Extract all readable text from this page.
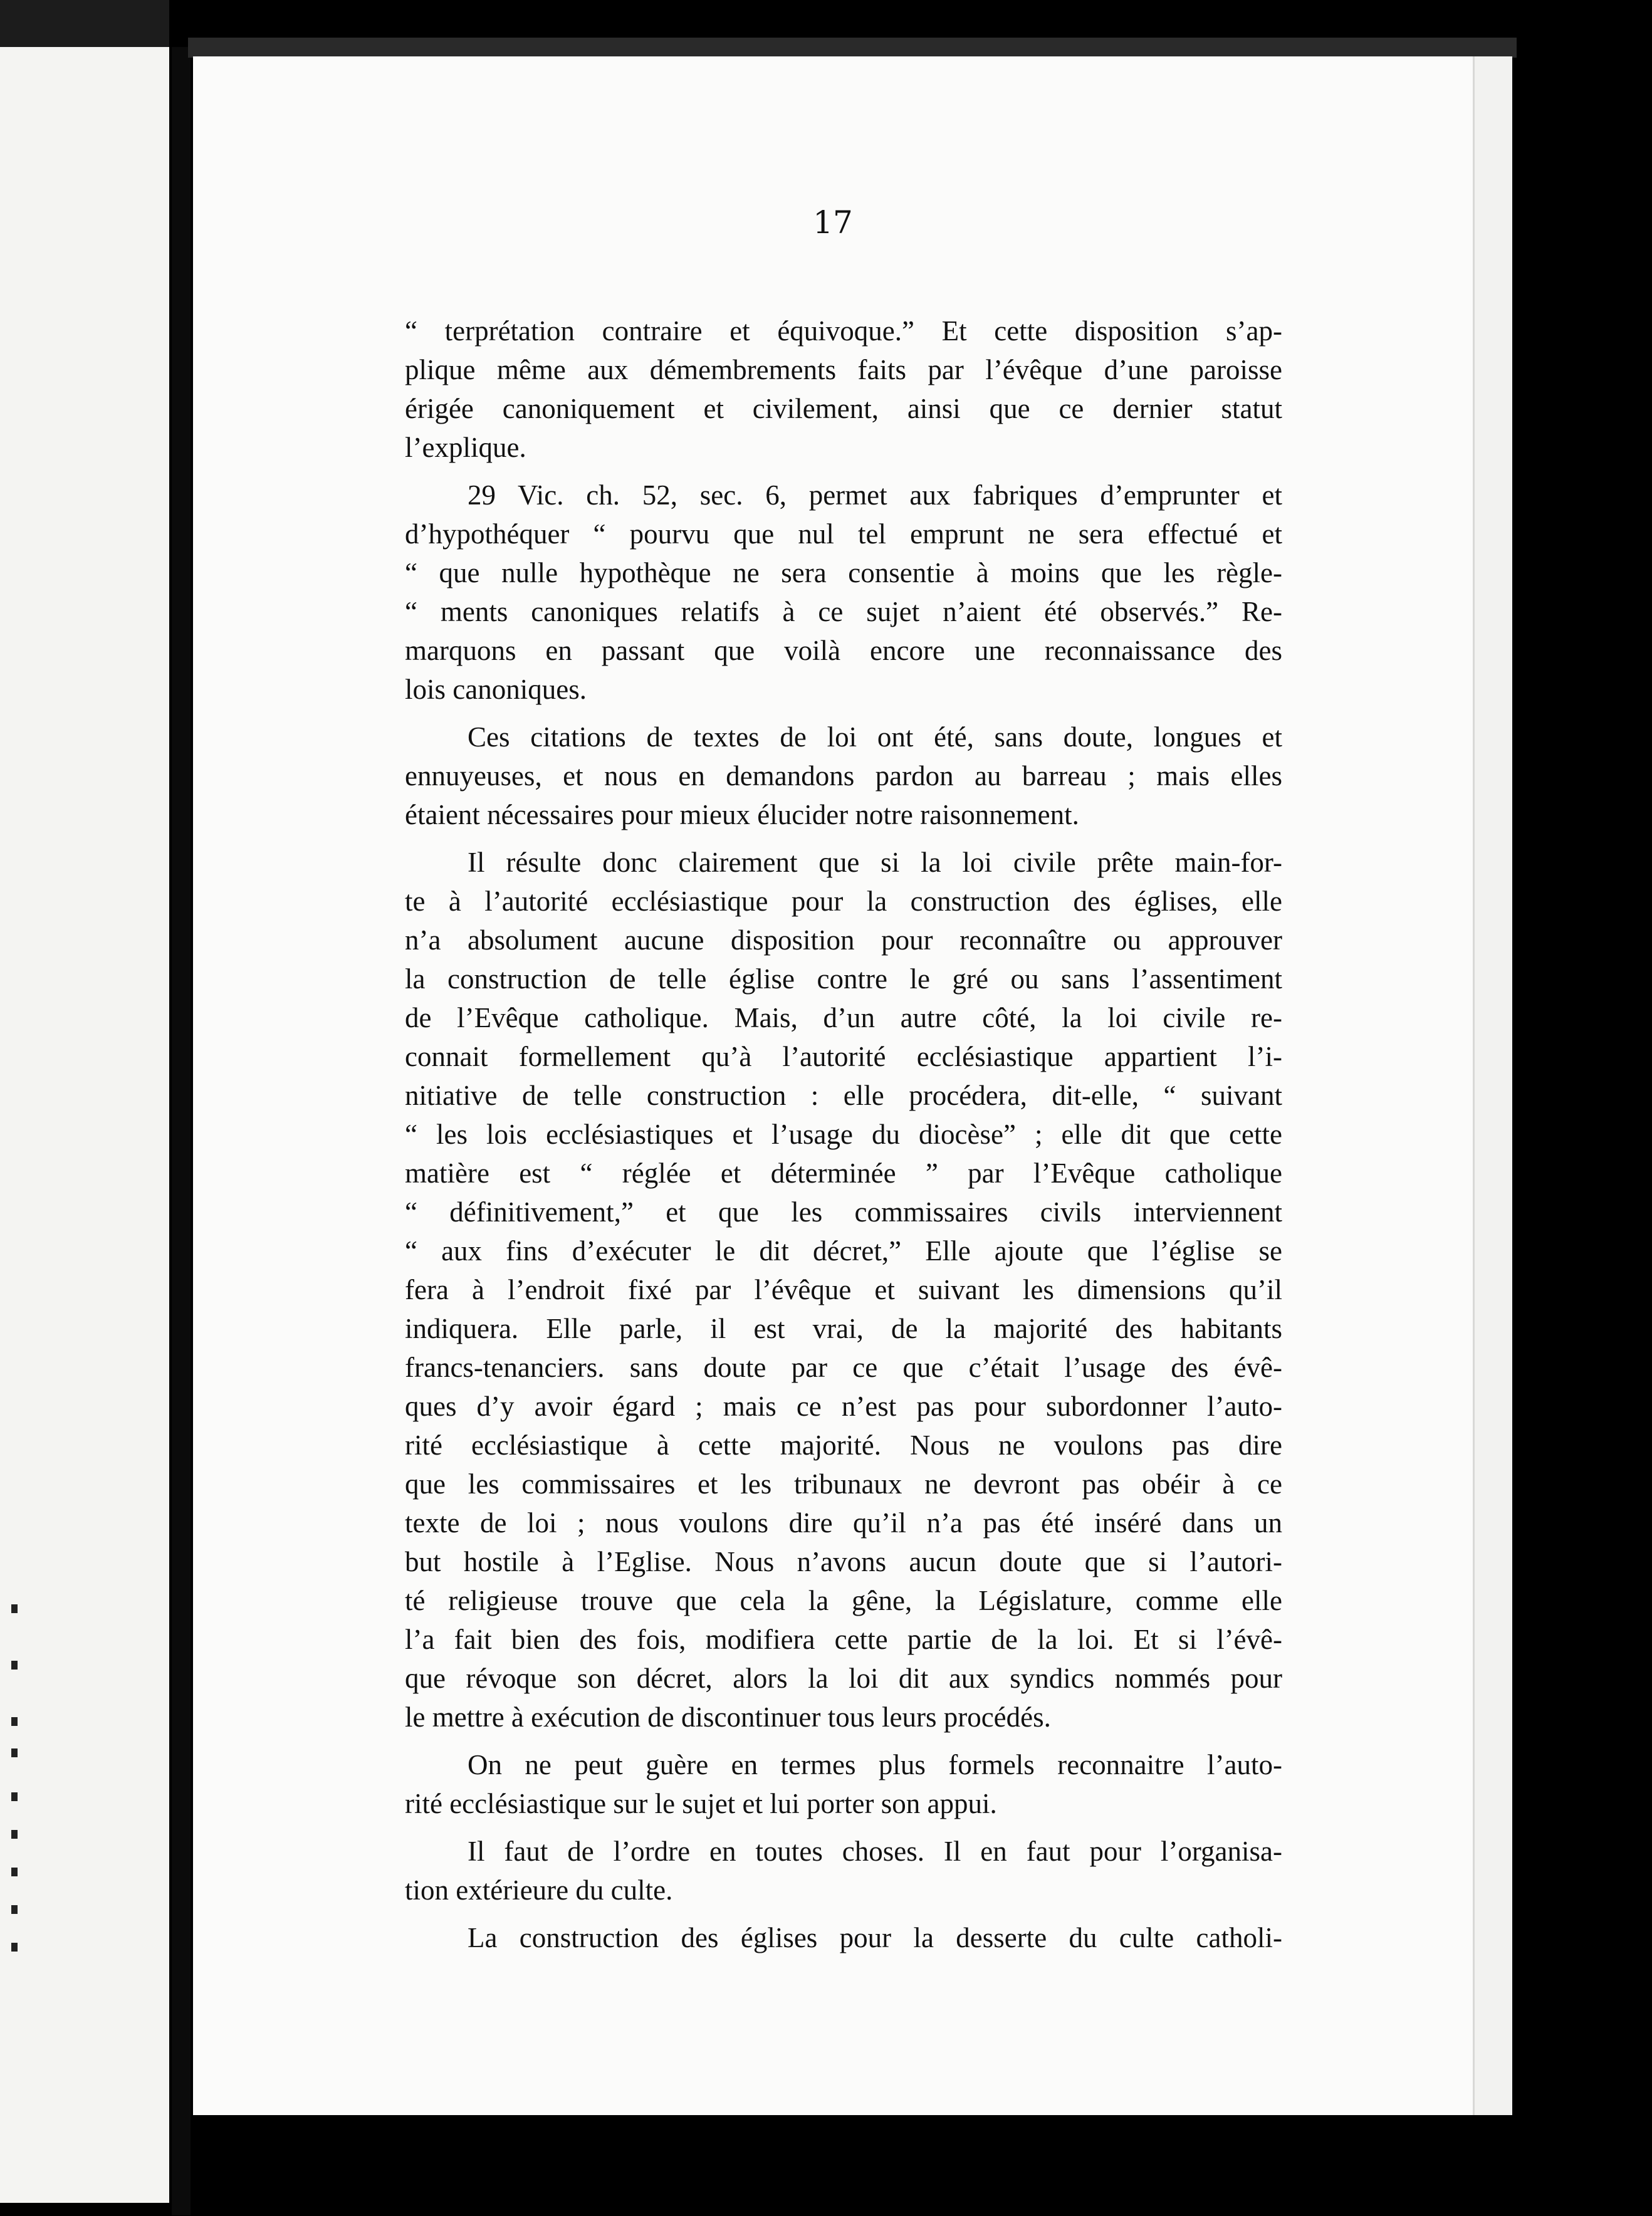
17
“ terprétation contraire et équivoque.” Et cette disposition s’ap-
plique même aux démembrements faits par l’évêque d’une paroisse
érigée canoniquement et civilement, ainsi que ce dernier statut
l’explique.
29 Vic. ch. 52, sec. 6, permet aux fabriques d’emprunter et
d’hypothéquer “ pourvu que nul tel emprunt ne sera effectué et
“ que nulle hypothèque ne sera consentie à moins que les règle-
“ ments canoniques relatifs à ce sujet n’aient été observés.” Re-
marquons en passant que voilà encore une reconnaissance des
lois canoniques.
Ces citations de textes de loi ont été, sans doute, longues et
ennuyeuses, et nous en demandons pardon au barreau ; mais elles
étaient nécessaires pour mieux élucider notre raisonnement.
Il résulte donc clairement que si la loi civile prête main-for-
te à l’autorité ecclésiastique pour la construction des églises, elle
n’a absolument aucune disposition pour reconnaître ou approuver
la construction de telle église contre le gré ou sans l’assentiment
de l’Evêque catholique. Mais, d’un autre côté, la loi civile re-
connait formellement qu’à l’autorité ecclésiastique appartient l’i-
nitiative de telle construction : elle procédera, dit-elle, “ suivant
“ les lois ecclésiastiques et l’usage du diocèse” ; elle dit que cette
matière est “ réglée et déterminée ” par l’Evêque catholique
“ définitivement,” et que les commissaires civils interviennent
“ aux fins d’exécuter le dit décret,” Elle ajoute que l’église se
fera à l’endroit fixé par l’évêque et suivant les dimensions qu’il
indiquera. Elle parle, il est vrai, de la majorité des habitants
francs-tenanciers. sans doute par ce que c’était l’usage des évê-
ques d’y avoir égard ; mais ce n’est pas pour subordonner l’auto-
rité ecclésiastique à cette majorité. Nous ne voulons pas dire
que les commissaires et les tribunaux ne devront pas obéir à ce
texte de loi ; nous voulons dire qu’il n’a pas été inséré dans un
but hostile à l’Eglise. Nous n’avons aucun doute que si l’autori-
té religieuse trouve que cela la gêne, la Législature, comme elle
l’a fait bien des fois, modifiera cette partie de la loi. Et si l’évê-
que révoque son décret, alors la loi dit aux syndics nommés pour
le mettre à exécution de discontinuer tous leurs procédés.
On ne peut guère en termes plus formels reconnaitre l’auto-
rité ecclésiastique sur le sujet et lui porter son appui.
Il faut de l’ordre en toutes choses. Il en faut pour l’organisa-
tion extérieure du culte.
La construction des églises pour la desserte du culte catholi-
